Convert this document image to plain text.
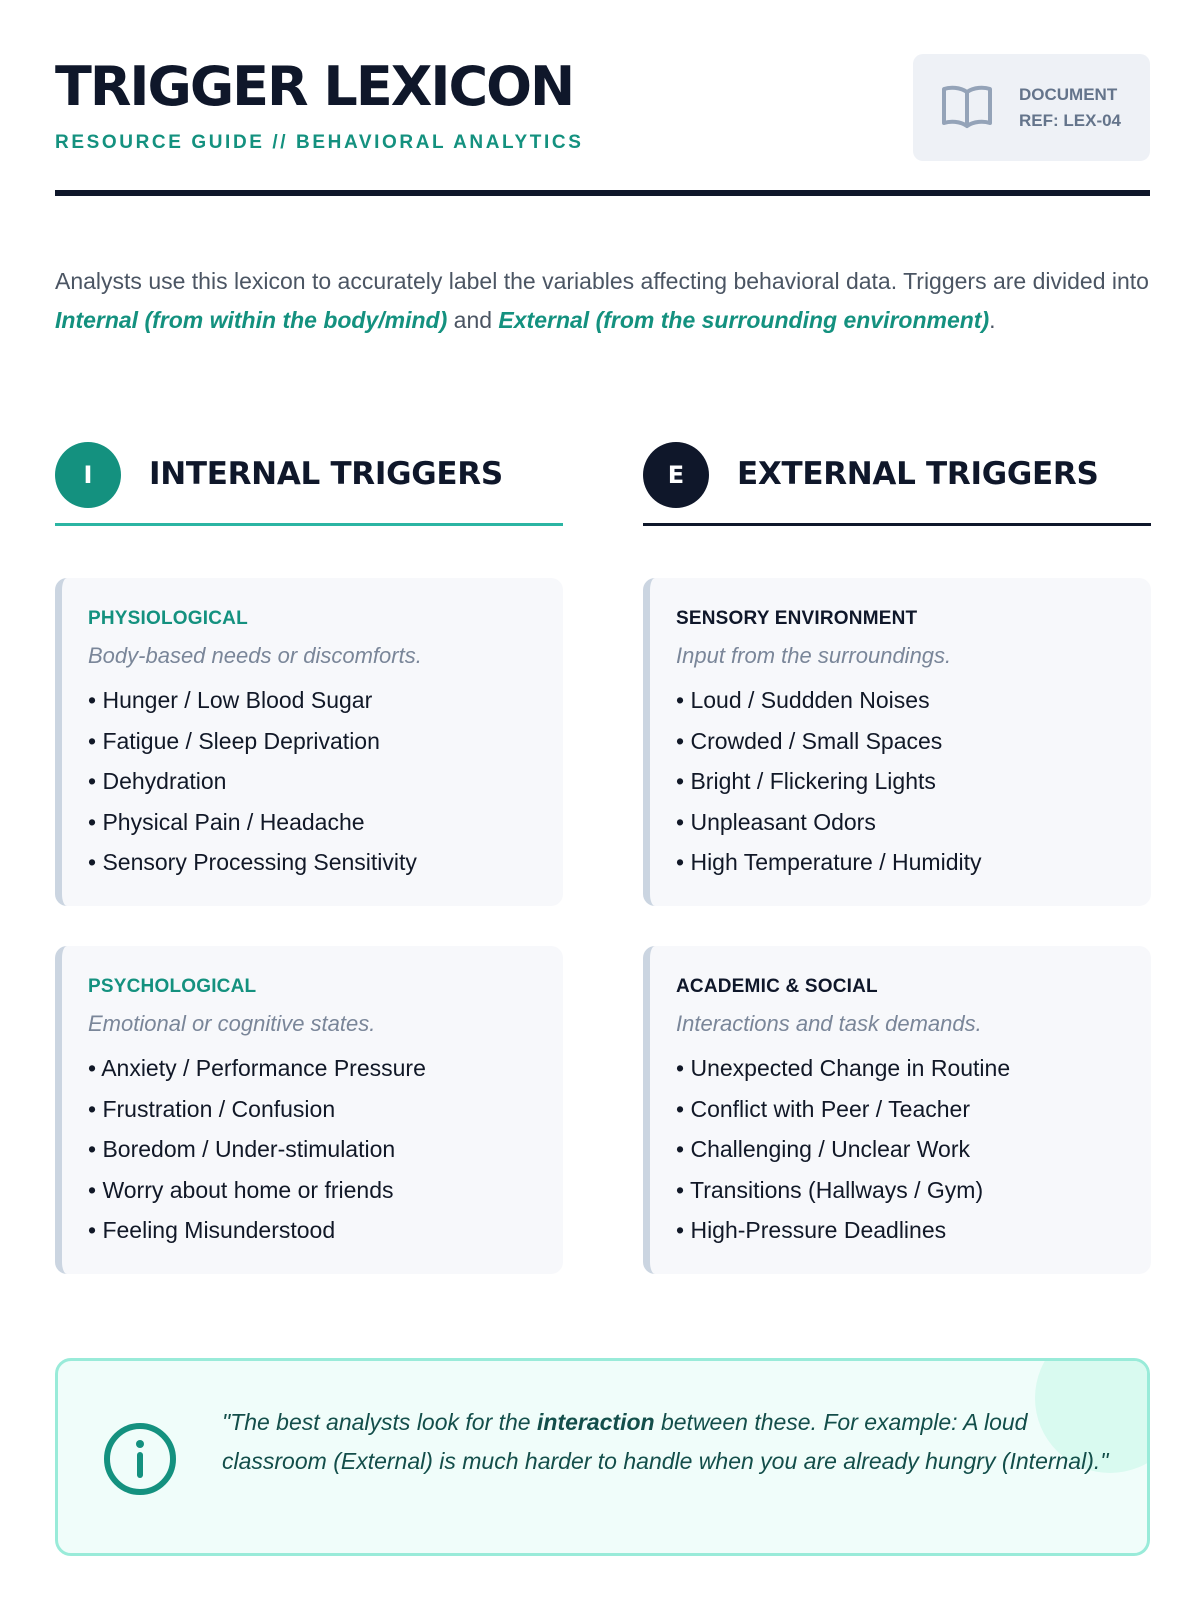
TRIGGER LEXICON
RESOURCE GUIDE // BEHAVIORAL ANALYTICS
DOCUMENT
REF: LEX-04

Analysts use this lexicon to accurately label the variables affecting behavioral data. Triggers are divided into Internal (from within the body/mind) and External (from the surrounding environment).

I	INTERNAL TRIGGERS	E	EXTERNAL TRIGGERS
PHYSIOLOGICAL
Body-based needs or discomforts.
• Hunger / Low Blood Sugar
• Fatigue / Sleep Deprivation
• Dehydration
• Physical Pain / Headache
• Sensory Processing Sensitivity
PSYCHOLOGICAL
Emotional or cognitive states.
• Anxiety / Performance Pressure
• Frustration / Confusion
• Boredom / Under-stimulation
• Worry about home or friends
• Feeling Misunderstood
SENSORY ENVIRONMENT
Input from the surroundings.
• Loud / Suddden Noises
• Crowded / Small Spaces
• Bright / Flickering Lights
• Unpleasant Odors
• High Temperature / Humidity
ACADEMIC & SOCIAL
Interactions and task demands.
• Unexpected Change in Routine
• Conflict with Peer / Teacher
• Challenging / Unclear Work
• Transitions (Hallways / Gym)
• High-Pressure Deadlines

"The best analysts look for the interaction between these. For example: A loud classroom (External) is much harder to handle when you are already hungry (Internal)."
